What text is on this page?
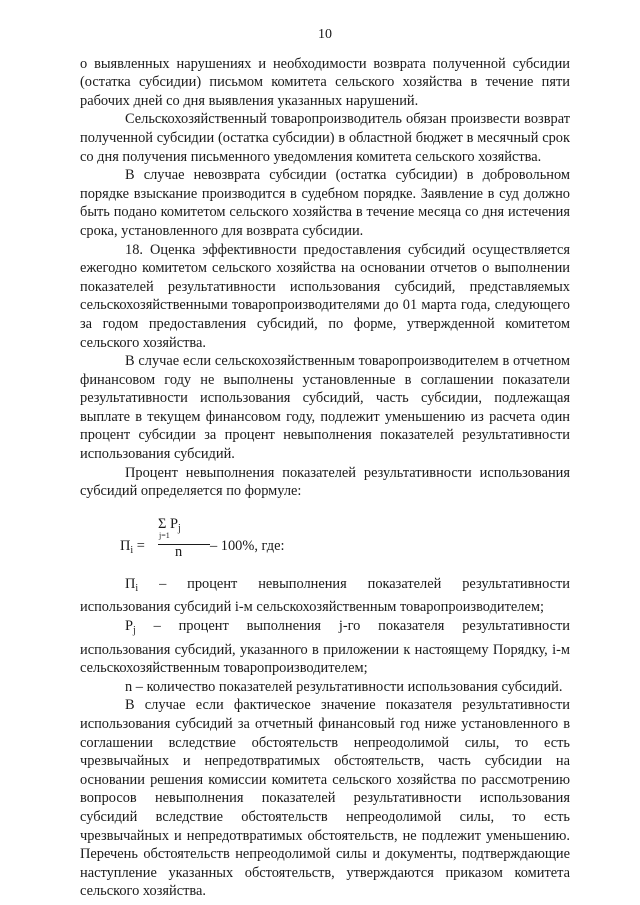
10

о выявленных нарушениях и необходимости возврата полученной субсидии (остатка субсидии) письмом комитета сельского хозяйства в течение пяти рабочих дней со дня выявления указанных нарушений.

Сельскохозяйственный товаропроизводитель обязан произвести возврат полученной субсидии (остатка субсидии) в областной бюджет в месячный срок со дня получения письменного уведомления комитета сельского хозяйства.

В случае невозврата субсидии (остатка субсидии) в добровольном порядке взыскание производится в судебном порядке. Заявление в суд должно быть подано комитетом сельского хозяйства в течение месяца со дня истечения срока, установленного для возврата субсидии.

18. Оценка эффективности предоставления субсидий осуществляется ежегодно комитетом сельского хозяйства на основании отчетов о выполнении показателей результативности использования субсидий, представляемых сельскохозяйственными товаропроизводителями до 01 марта года, следующего за годом предоставления субсидий, по форме, утвержденной комитетом сельского хозяйства.

В случае если сельскохозяйственным товаропроизводителем в отчетном финансовом году не выполнены установленные в соглашении показатели результативности использования субсидий, часть субсидии, подлежащая выплате в текущем финансовом году, подлежит уменьшению из расчета один процент субсидии за процент невыполнения показателей результативности использования субсидий.

Процент невыполнения показателей результативности использования субсидий определяется по формуле:

$П_i$ =
Σ $P_j$
j=1
n – 100%, где:

$П_i$ – процент невыполнения показателей результативности использования субсидий i-м сельскохозяйственным товаропроизводителем;

$P_j$ – процент выполнения j-го показателя результативности использования субсидий, указанного в приложении к настоящему Порядку, i-м сельскохозяйственным товаропроизводителем;

n – количество показателей результативности использования субсидий.

В случае если фактическое значение показателя результативности использования субсидий за отчетный финансовый год ниже установленного в соглашении вследствие обстоятельств непреодолимой силы, то есть чрезвычайных и непредотвратимых обстоятельств, часть субсидии на основании решения комиссии комитета сельского хозяйства по рассмотрению вопросов невыполнения показателей результативности использования субсидий вследствие обстоятельств непреодолимой силы, то есть чрезвычайных и непредотвратимых обстоятельств, не подлежит уменьшению. Перечень обстоятельств непреодолимой силы и документы, подтверждающие наступление указанных обстоятельств, утверждаются приказом комитета сельского хозяйства.
